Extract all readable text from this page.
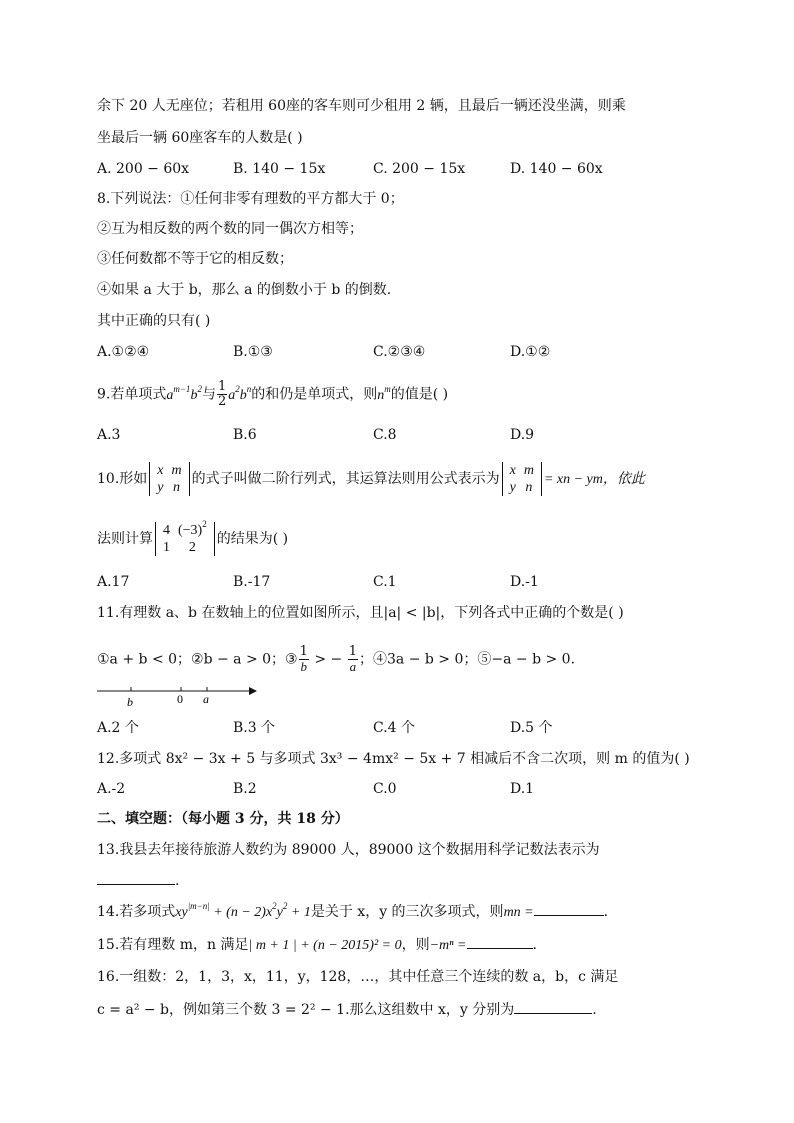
余下 20 人无座位；若租用 60座的客车则可少租用 2 辆，且最后一辆还没坐满，则乘
坐最后一辆 60座客车的人数是( )
A. 200 − 60x	B. 140 − 15x	C. 200 − 15x	D. 140 − 60x
8.下列说法：①任何非零有理数的平方都大于 0；
②互为相反数的两个数的同一偶次方相等；
③任何数都不等于它的相反数；
④如果 a 大于 b，那么 a 的倒数小于 b 的倒数.
其中正确的只有( )
A.①②④	B.①③	C.②③④	D.①②
9.若单项式$a^{m-1}b^2$与 $\frac{1}{2} a^2b^n$的和仍是单项式，则$n^m$的值是( )
A.3	B.6	C.8	D.9
10.形如
x	m
y	n
的式子叫做二阶行列式，其运算法则用公式表示为
x	m
y	n
= xn − ym，依此
法则计算
4	$(-3)^2$
1	2
的结果为( )
A.17	B.-17	C.1	D.-1
11.有理数 a、b 在数轴上的位置如图所示，且|a| < |b|，下列各式中正确的个数是( )
①a + b < 0；②b − a > 0；③ $\frac{1}{b}$ > − $\frac{1}{a}$ ；④3a − b > 0；⑤−a − b > 0.
b	0 a
A.2 个	B.3 个	C.4 个	D.5 个
12.多项式 8x² − 3x + 5 与多项式 3x³ − 4mx² − 5x + 7 相减后不含二次项，则 m 的值为( )
A.-2	B.2	C.0	D.1
二、填空题：（每小题 3 分，共 18 分）
13.我县去年接待旅游人数约为 89000 人，89000 这个数据用科学记数法表示为
.
14.若多项式$xy^{|m-n|} + (n - 2)x^2y^2 + 1$是关于 x，y 的三次多项式，则mn =	.
15.若有理数 m，n 满足| m + 1 | + (n − 2015)² = 0，则−mⁿ =	.
16.一组数：2，1，3，x，11，y，128，…，其中任意三个连续的数 a，b，c 满足
c = a² − b，例如第三个数 3 = 2² − 1.那么这组数中 x，y 分别为	.
